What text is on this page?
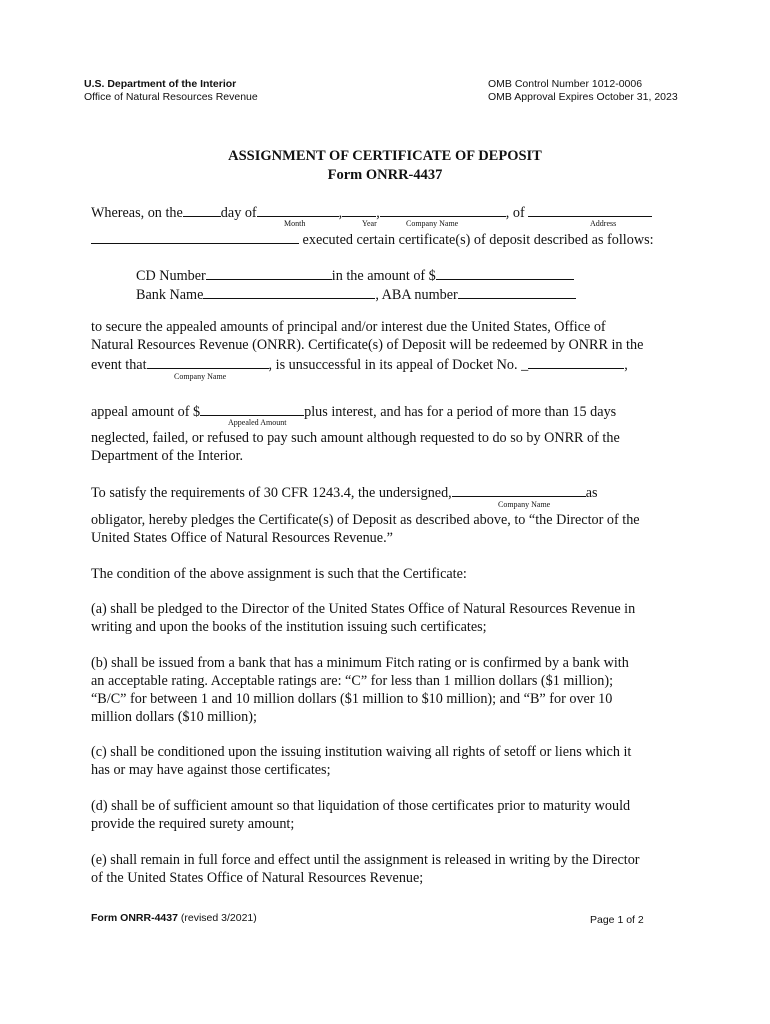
U.S. Department of the Interior
Office of Natural Resources Revenue
OMB Control Number 1012-0006
OMB Approval Expires October 31, 2023
ASSIGNMENT OF CERTIFICATE OF DEPOSIT
Form ONRR-4437
Whereas, on the	day of	, ,	, of
Month	Year	Company Name	Address
executed certain certificate(s) of deposit described as follows:
CD Number	in the amount of $
Bank Name	, ABA number
to secure the appealed amounts of principal and/or interest due the United States, Office of
Natural Resources Revenue (ONRR). Certificate(s) of Deposit will be redeemed by ONRR in the
event that	, is unsuccessful in its appeal of Docket No. _	,
Company Name
appeal amount of $	plus interest, and has for a period of more than 15 days
Appealed Amount
neglected, failed, or refused to pay such amount although requested to do so by ONRR of the
Department of the Interior.
To satisfy the requirements of 30 CFR 1243.4, the undersigned,	as
Company Name
obligator, hereby pledges the Certificate(s) of Deposit as described above, to “the Director of the
United States Office of Natural Resources Revenue.”
The condition of the above assignment is such that the Certificate:
(a) shall be pledged to the Director of the United States Office of Natural Resources Revenue in
writing and upon the books of the institution issuing such certificates;
(b) shall be issued from a bank that has a minimum Fitch rating or is confirmed by a bank with
an acceptable rating. Acceptable ratings are: “C” for less than 1 million dollars ($1 million);
“B/C” for between 1 and 10 million dollars ($1 million to $10 million); and “B” for over 10
million dollars ($10 million);
(c) shall be conditioned upon the issuing institution waiving all rights of setoff or liens which it
has or may have against those certificates;
(d) shall be of sufficient amount so that liquidation of those certificates prior to maturity would
provide the required surety amount;
(e) shall remain in full force and effect until the assignment is released in writing by the Director
of the United States Office of Natural Resources Revenue;
Form ONRR-4437 (revised 3/2021)	Page 1 of 2
